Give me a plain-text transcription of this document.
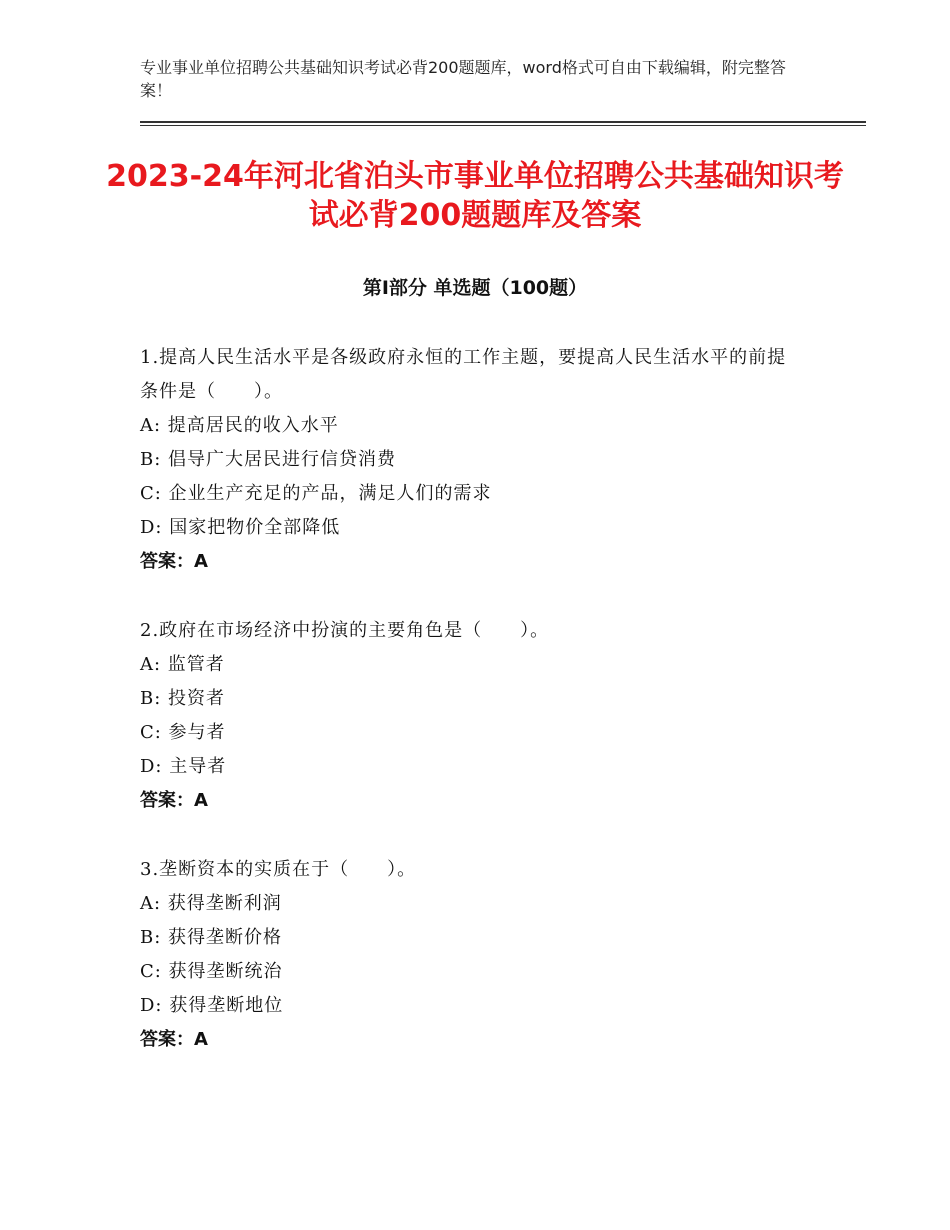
专业事业单位招聘公共基础知识考试必背200题题库，word格式可自由下载编辑，附完整答案！
2023-24年河北省泊头市事业单位招聘公共基础知识考试必背200题题库及答案
第Ⅰ部分 单选题（100题）
1.提高人民生活水平是各级政府永恒的工作主题，要提高人民生活水平的前提条件是（　　）。
A: 提高居民的收入水平
B: 倡导广大居民进行信贷消费
C: 企业生产充足的产品，满足人们的需求
D: 国家把物价全部降低
答案：A
2.政府在市场经济中扮演的主要角色是（　　）。
A: 监管者
B: 投资者
C: 参与者
D: 主导者
答案：A
3.垄断资本的实质在于（　　）。
A: 获得垄断利润
B: 获得垄断价格
C: 获得垄断统治
D: 获得垄断地位
答案：A
